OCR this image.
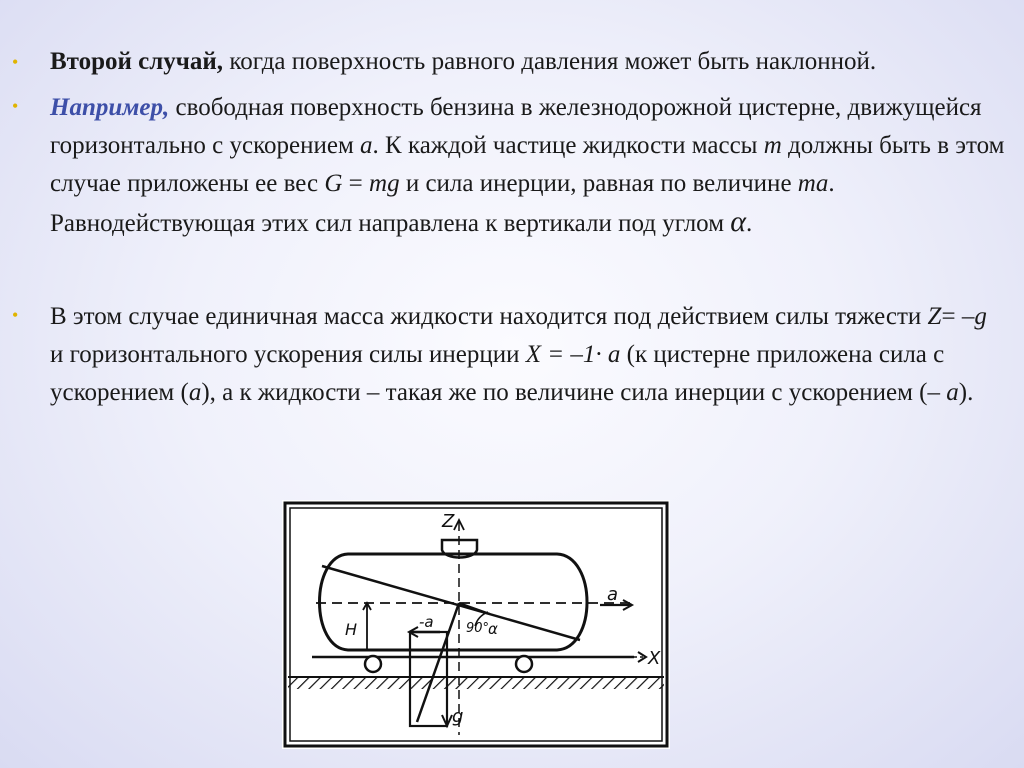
• Второй случай, когда поверхность равного давления может быть наклонной.
• Например, свободная поверхность бензина в железнодорожной цистерне, движущейся горизонтально с ускорением a. К каждой частице жидкости массы m должны быть в этом случае приложены ее вес G = mg и сила инерции, равная по величине ma. Равнодействующая этих сил направлена к вертикали под углом α.
• В этом случае единичная масса жидкости находится под действием силы тяжести Z= –g и горизонтального ускорения силы инерции X = –1· a (к цистерне приложена сила с ускорением (a), а к жидкости – такая же по величине сила инерции с ускорением (– a).
Z
a
X
H	-a 90°
α
g
